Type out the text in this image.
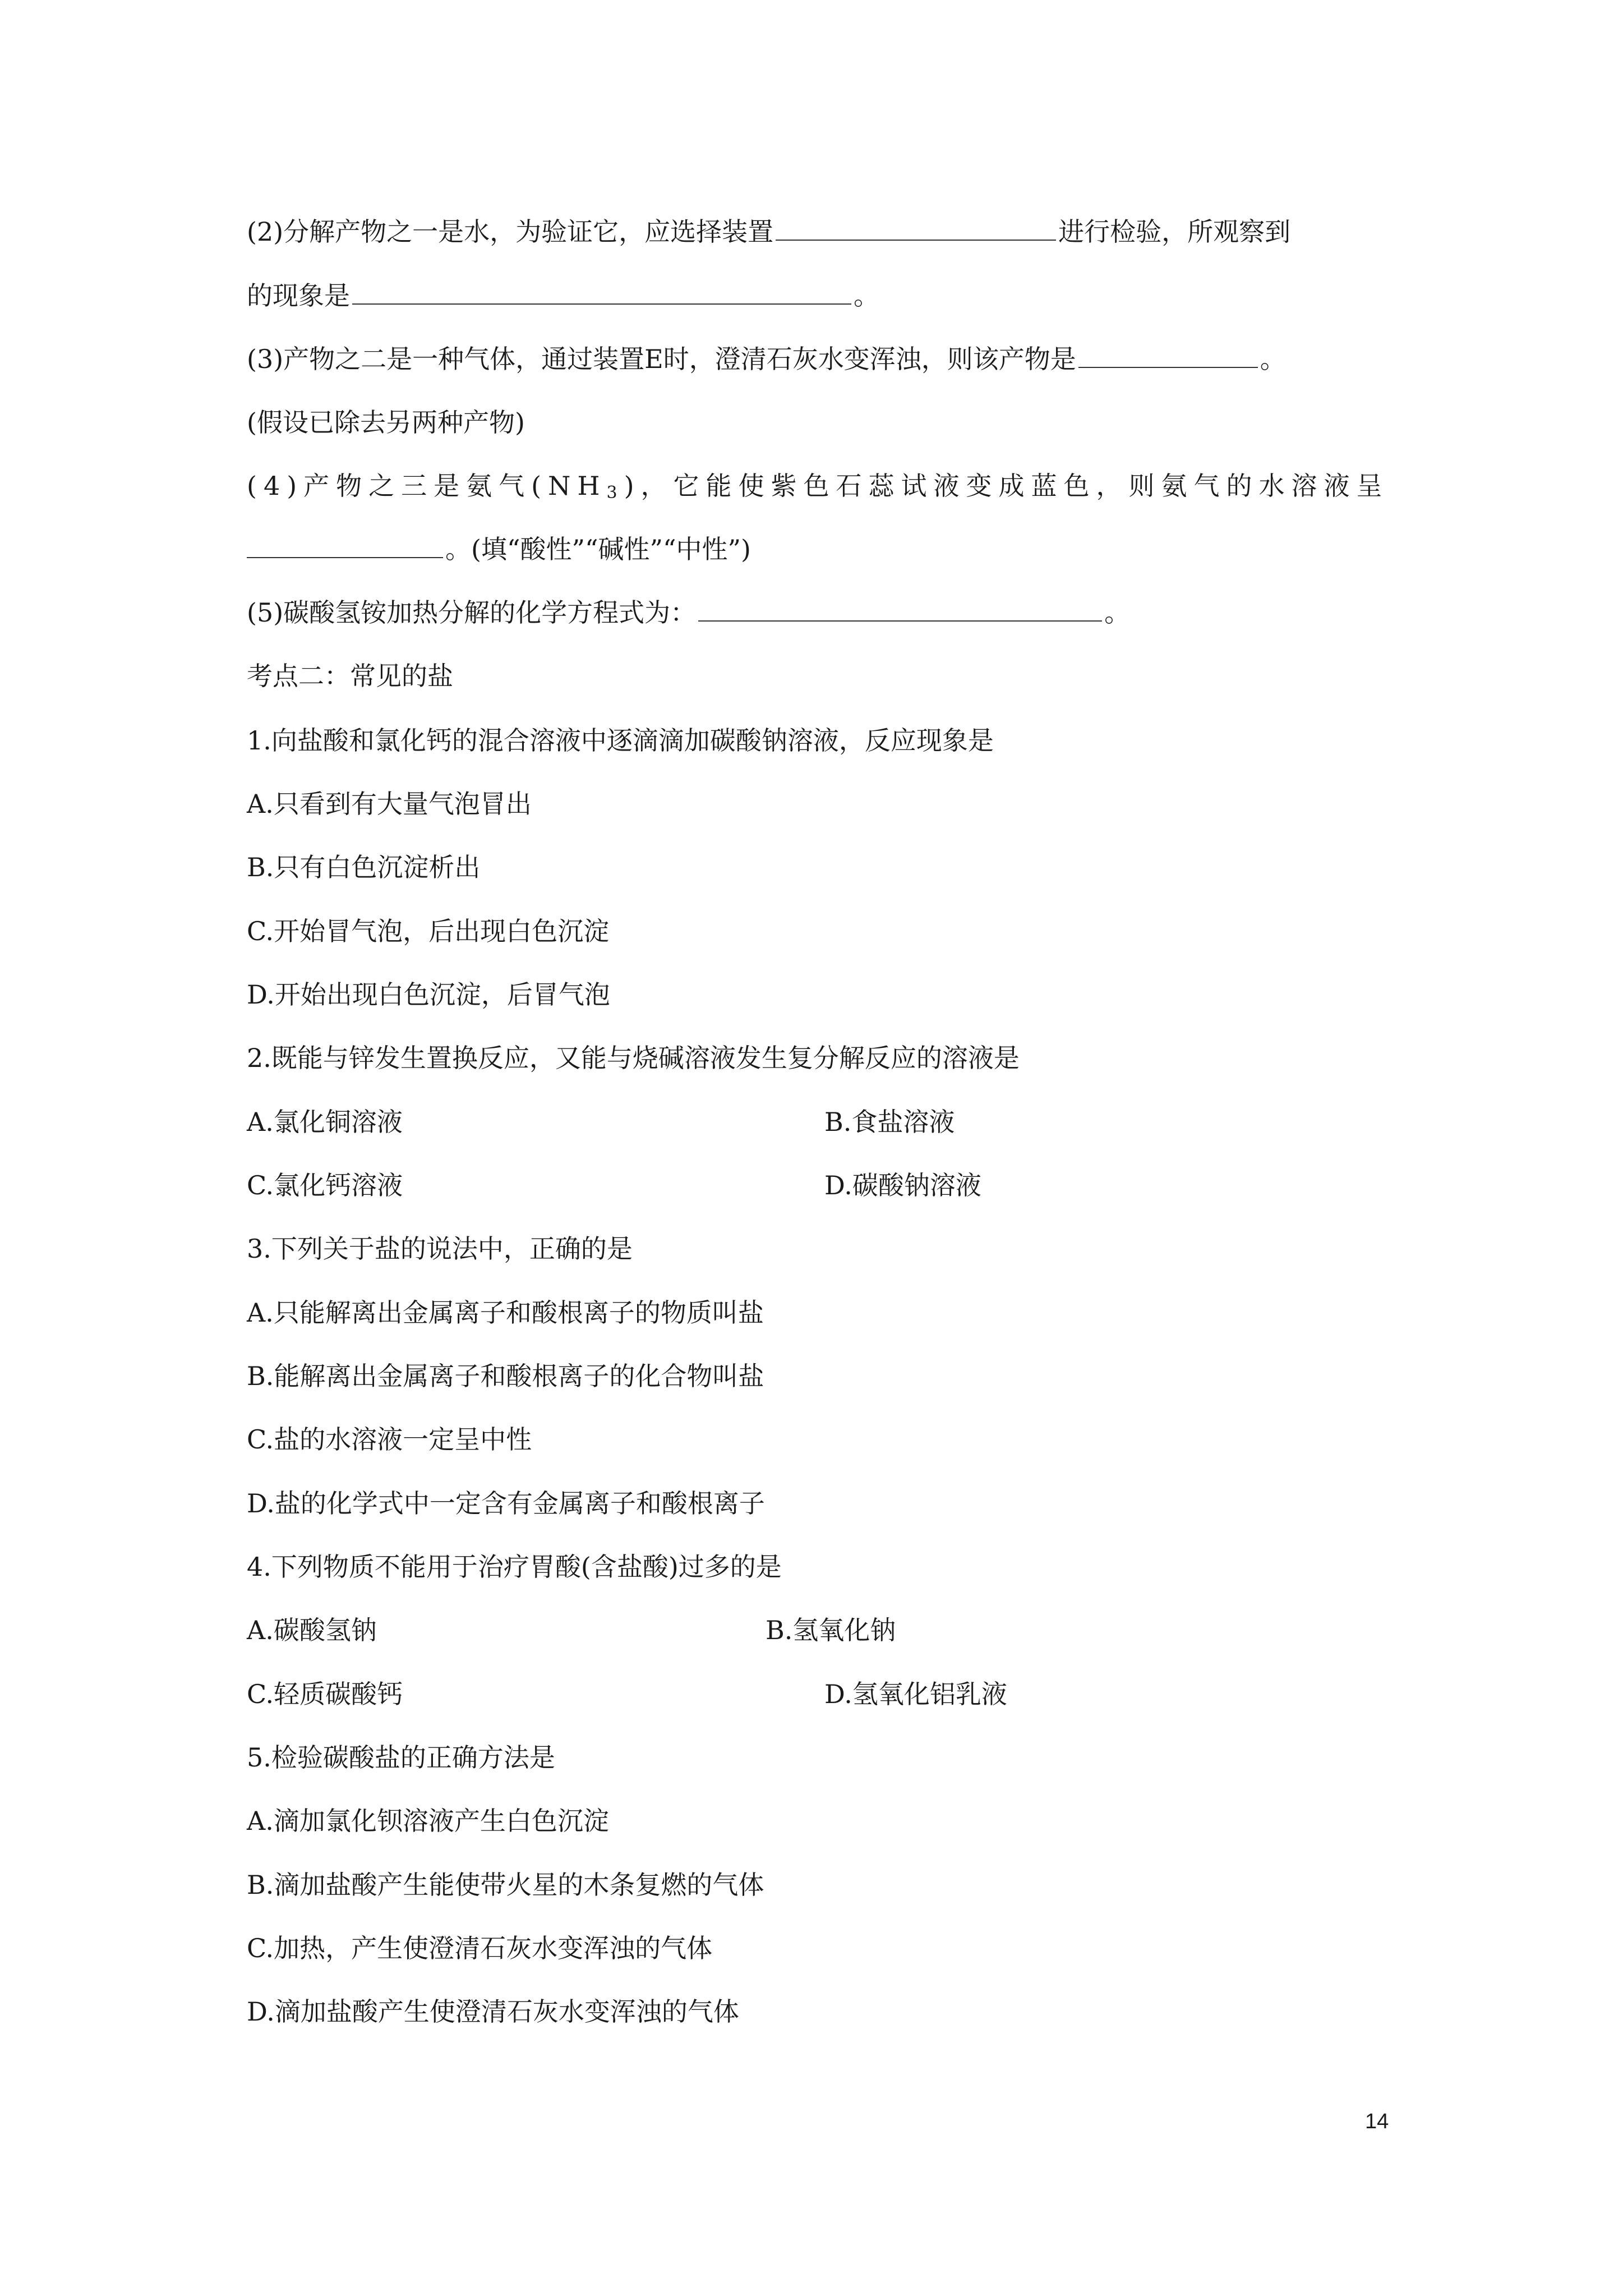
(2)分解产物之一是水，为验证它，应选择装置	进行检验，所观察到
的现象是	。
(3)产物之二是一种气体，通过装置E时，澄清石灰水变浑浊，则该产物是	。
(假设已除去另两种产物)
(4)产物之三是氨气$(NH_3)$，它能使紫色石蕊试液变成蓝色，则氨气的水溶液呈
。(填“酸性”“碱性”“中性”)
(5)碳酸氢铵加热分解的化学方程式为：	。
考点二：常见的盐
1.向盐酸和氯化钙的混合溶液中逐滴滴加碳酸钠溶液，反应现象是
A.只看到有大量气泡冒出
B.只有白色沉淀析出
C.开始冒气泡，后出现白色沉淀
D.开始出现白色沉淀，后冒气泡
2.既能与锌发生置换反应，又能与烧碱溶液发生复分解反应的溶液是
A.氯化铜溶液	B.食盐溶液
C.氯化钙溶液	D.碳酸钠溶液
3.下列关于盐的说法中，正确的是
A.只能解离出金属离子和酸根离子的物质叫盐
B.能解离出金属离子和酸根离子的化合物叫盐
C.盐的水溶液一定呈中性
D.盐的化学式中一定含有金属离子和酸根离子
4.下列物质不能用于治疗胃酸(含盐酸)过多的是
A.碳酸氢钠	B.氢氧化钠
C.轻质碳酸钙	D.氢氧化铝乳液
5.检验碳酸盐的正确方法是
A.滴加氯化钡溶液产生白色沉淀
B.滴加盐酸产生能使带火星的木条复燃的气体
C.加热，产生使澄清石灰水变浑浊的气体
D.滴加盐酸产生使澄清石灰水变浑浊的气体
14
